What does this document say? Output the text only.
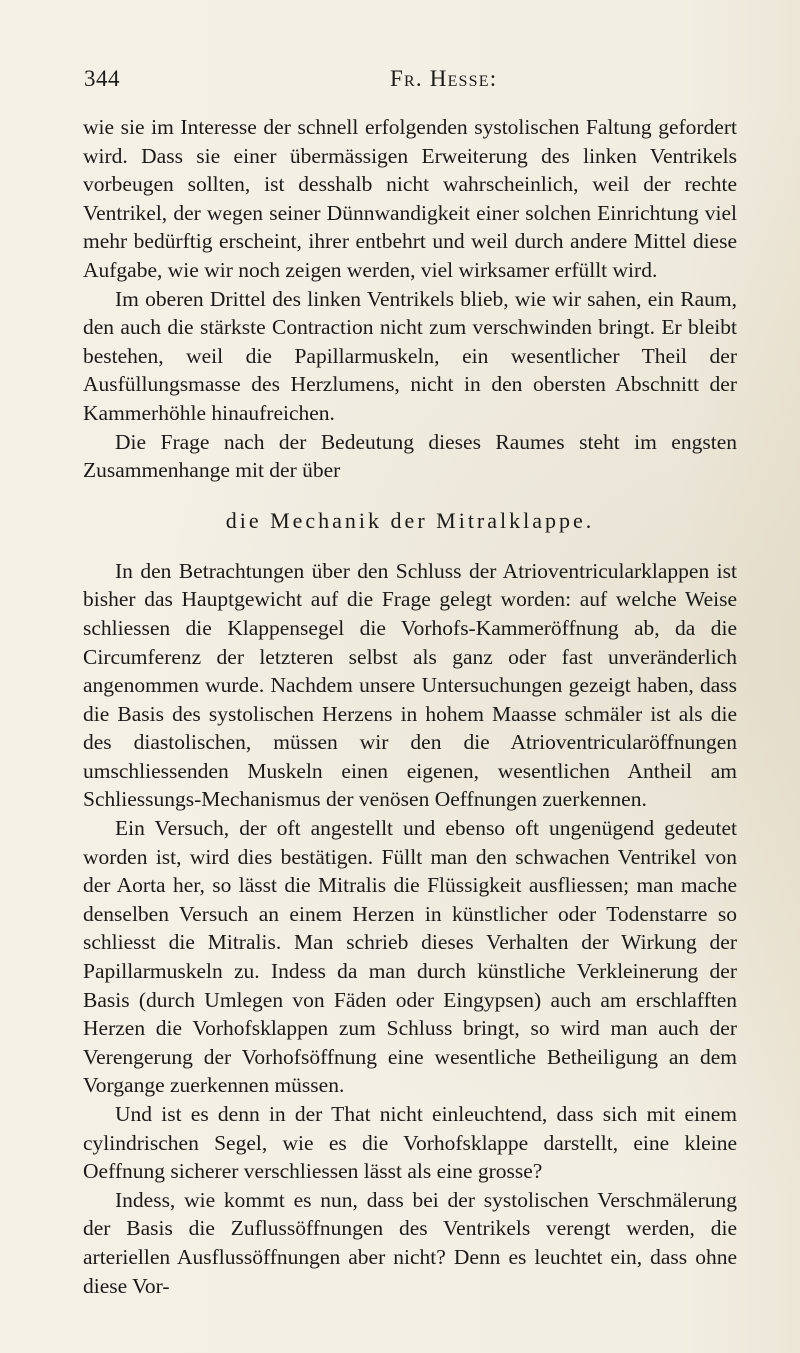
344	Fr. Hesse:

wie sie im Interesse der schnell erfolgenden systolischen Faltung gefordert wird. Dass sie einer übermässigen Erweiterung des linken Ventrikels vorbeugen sollten, ist desshalb nicht wahrscheinlich, weil der rechte Ventrikel, der wegen seiner Dünnwandigkeit einer solchen Einrichtung viel mehr bedürftig erscheint, ihrer entbehrt und weil durch andere Mittel diese Aufgabe, wie wir noch zeigen werden, viel wirksamer erfüllt wird.

Im oberen Drittel des linken Ventrikels blieb, wie wir sahen, ein Raum, den auch die stärkste Contraction nicht zum verschwinden bringt. Er bleibt bestehen, weil die Papillarmuskeln, ein wesentlicher Theil der Ausfüllungsmasse des Herzlumens, nicht in den obersten Abschnitt der Kammerhöhle hinaufreichen.

Die Frage nach der Bedeutung dieses Raumes steht im engsten Zusammenhange mit der über

die Mechanik der Mitralklappe.

In den Betrachtungen über den Schluss der Atrioventricularklappen ist bisher das Hauptgewicht auf die Frage gelegt worden: auf welche Weise schliessen die Klappensegel die Vorhofs-Kammeröffnung ab, da die Circumferenz der letzteren selbst als ganz oder fast unveränderlich angenommen wurde. Nachdem unsere Untersuchungen gezeigt haben, dass die Basis des systolischen Herzens in hohem Maasse schmäler ist als die des diastolischen, müssen wir den die Atrioventricularöffnungen umschliessenden Muskeln einen eigenen, wesentlichen Antheil am Schliessungs-Mechanismus der venösen Oeffnungen zuerkennen.

Ein Versuch, der oft angestellt und ebenso oft ungenügend gedeutet worden ist, wird dies bestätigen. Füllt man den schwachen Ventrikel von der Aorta her, so lässt die Mitralis die Flüssigkeit ausfliessen; man mache denselben Versuch an einem Herzen in künstlicher oder Todenstarre so schliesst die Mitralis. Man schrieb dieses Verhalten der Wirkung der Papillarmuskeln zu. Indess da man durch künstliche Verkleinerung der Basis (durch Umlegen von Fäden oder Eingypsen) auch am erschlafften Herzen die Vorhofsklappen zum Schluss bringt, so wird man auch der Verengerung der Vorhofsöffnung eine wesentliche Betheiligung an dem Vorgange zuerkennen müssen.

Und ist es denn in der That nicht einleuchtend, dass sich mit einem cylindrischen Segel, wie es die Vorhofsklappe darstellt, eine kleine Oeffnung sicherer verschliessen lässt als eine grosse?

Indess, wie kommt es nun, dass bei der systolischen Verschmälerung der Basis die Zuflussöffnungen des Ventrikels verengt werden, die arteriellen Ausflussöffnungen aber nicht? Denn es leuchtet ein, dass ohne diese Vor-
